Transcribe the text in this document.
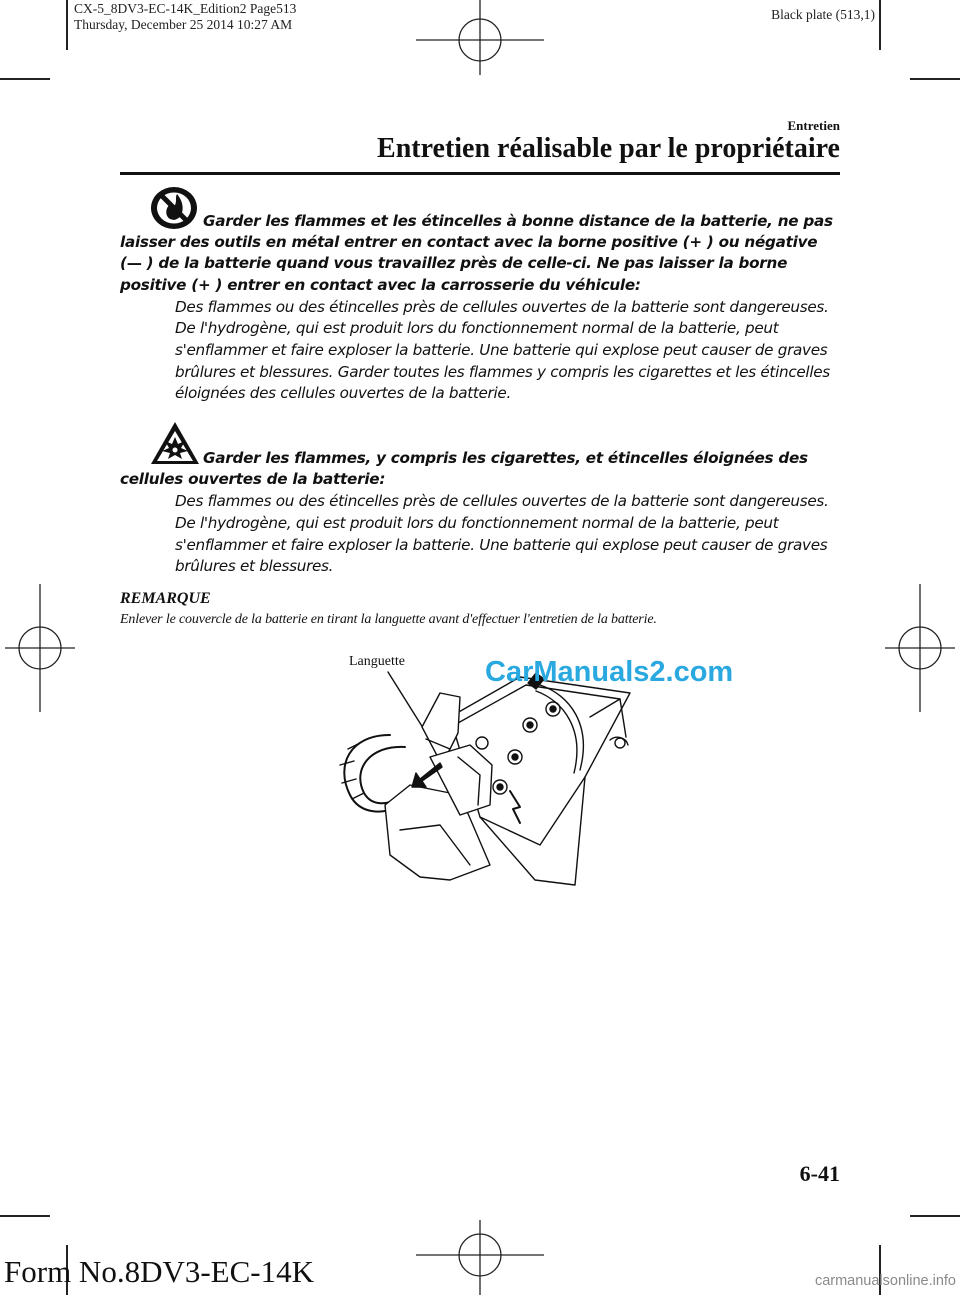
CX-5_8DV3-EC-14K_Edition2 Page513
Thursday, December 25 2014 10:27 AM
Black plate (513,1)
Entretien
Entretien réalisable par le propriétaire
Garder les flammes et les étincelles à bonne distance de la batterie, ne pas laisser des outils en métal entrer en contact avec la borne positive (+ ) ou négative (— ) de la batterie quand vous travaillez près de celle-ci. Ne pas laisser la borne positive (+ ) entrer en contact avec la carrosserie du véhicule:
Des flammes ou des étincelles près de cellules ouvertes de la batterie sont dangereuses. De l'hydrogène, qui est produit lors du fonctionnement normal de la batterie, peut s'enflammer et faire exploser la batterie. Une batterie qui explose peut causer de graves brûlures et blessures. Garder toutes les flammes y compris les cigarettes et les étincelles éloignées des cellules ouvertes de la batterie.
Garder les flammes, y compris les cigarettes, et étincelles éloignées des cellules ouvertes de la batterie:
Des flammes ou des étincelles près de cellules ouvertes de la batterie sont dangereuses. De l'hydrogène, qui est produit lors du fonctionnement normal de la batterie, peut s'enflammer et faire exploser la batterie. Une batterie qui explose peut causer de graves brûlures et blessures.
REMARQUE
Enlever le couvercle de la batterie en tirant la languette avant d'effectuer l'entretien de la batterie.
Languette	CarManuals2.com
6-41
Form No.8DV3-EC-14K	carmanualsonline.info
